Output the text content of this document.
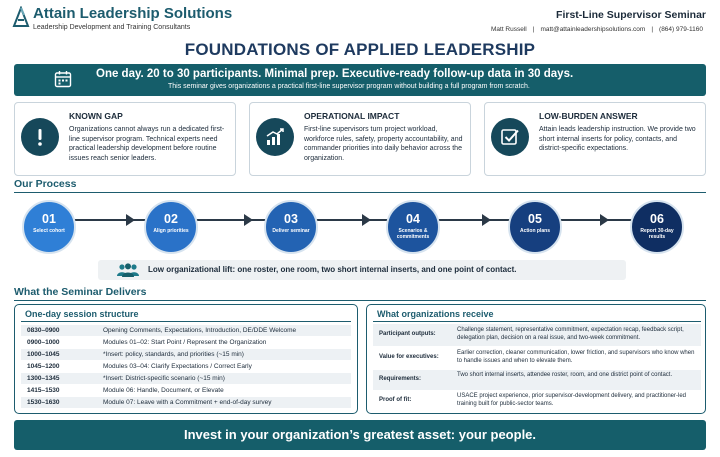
Attain Leadership Solutions
Leadership Development and Training Consultants
First-Line Supervisor Seminar
Matt Russell | matt@attainleadershipsolutions.com | (864) 979-1160
FOUNDATIONS OF APPLIED LEADERSHIP
One day. 20 to 30 participants. Minimal prep. Executive-ready follow-up data in 30 days.
This seminar gives organizations a practical first-line supervisor program without building a full program from scratch.
KNOWN GAP
Organizations cannot always run a dedicated first-line supervisor program. Technical experts need practical leadership development before routine issues reach senior leaders.
OPERATIONAL IMPACT
First-line supervisors turn project workload, workforce rules, safety, property accountability, and commander priorities into daily behavior across the organization.
LOW-BURDEN ANSWER
Attain leads leadership instruction. We provide two short internal inserts for policy, contacts, and district-specific expectations.
Our Process
01
Select cohort
02
Align priorities
03
Deliver seminar
04
Scenarios & commitments
05
Action plans
06
Report 30-day results
Low organizational lift: one roster, one room, two short internal inserts, and one point of contact.
What the Seminar Delivers
One-day session structure
0830–0900	Opening Comments, Expectations, Introduction, DE/DDE Welcome
0900–1000	Modules 01–02: Start Point / Represent the Organization
1000–1045	*Insert: policy, standards, and priorities (~15 min)
1045–1200	Modules 03–04: Clarify Expectations / Correct Early
1300–1345	*Insert: District-specific scenario (~15 min)
1415–1530	Module 06: Handle, Document, or Elevate
1530–1630	Module 07: Leave with a Commitment + end-of-day survey
What organizations receive
Participant outputs:
Challenge statement, representative commitment, expectation recap, feedback script, delegation plan, decision on a real issue, and two-week commitment.
Value for executives:
Earlier correction, cleaner communication, lower friction, and supervisors who know when to handle issues and when to elevate them.
Requirements:
Two short internal inserts, attendee roster, room, and one district point of contact.
Proof of fit:
USACE project experience, prior supervisor-development delivery, and practitioner-led training built for public-sector teams.
Invest in your organization’s greatest asset: your people.
